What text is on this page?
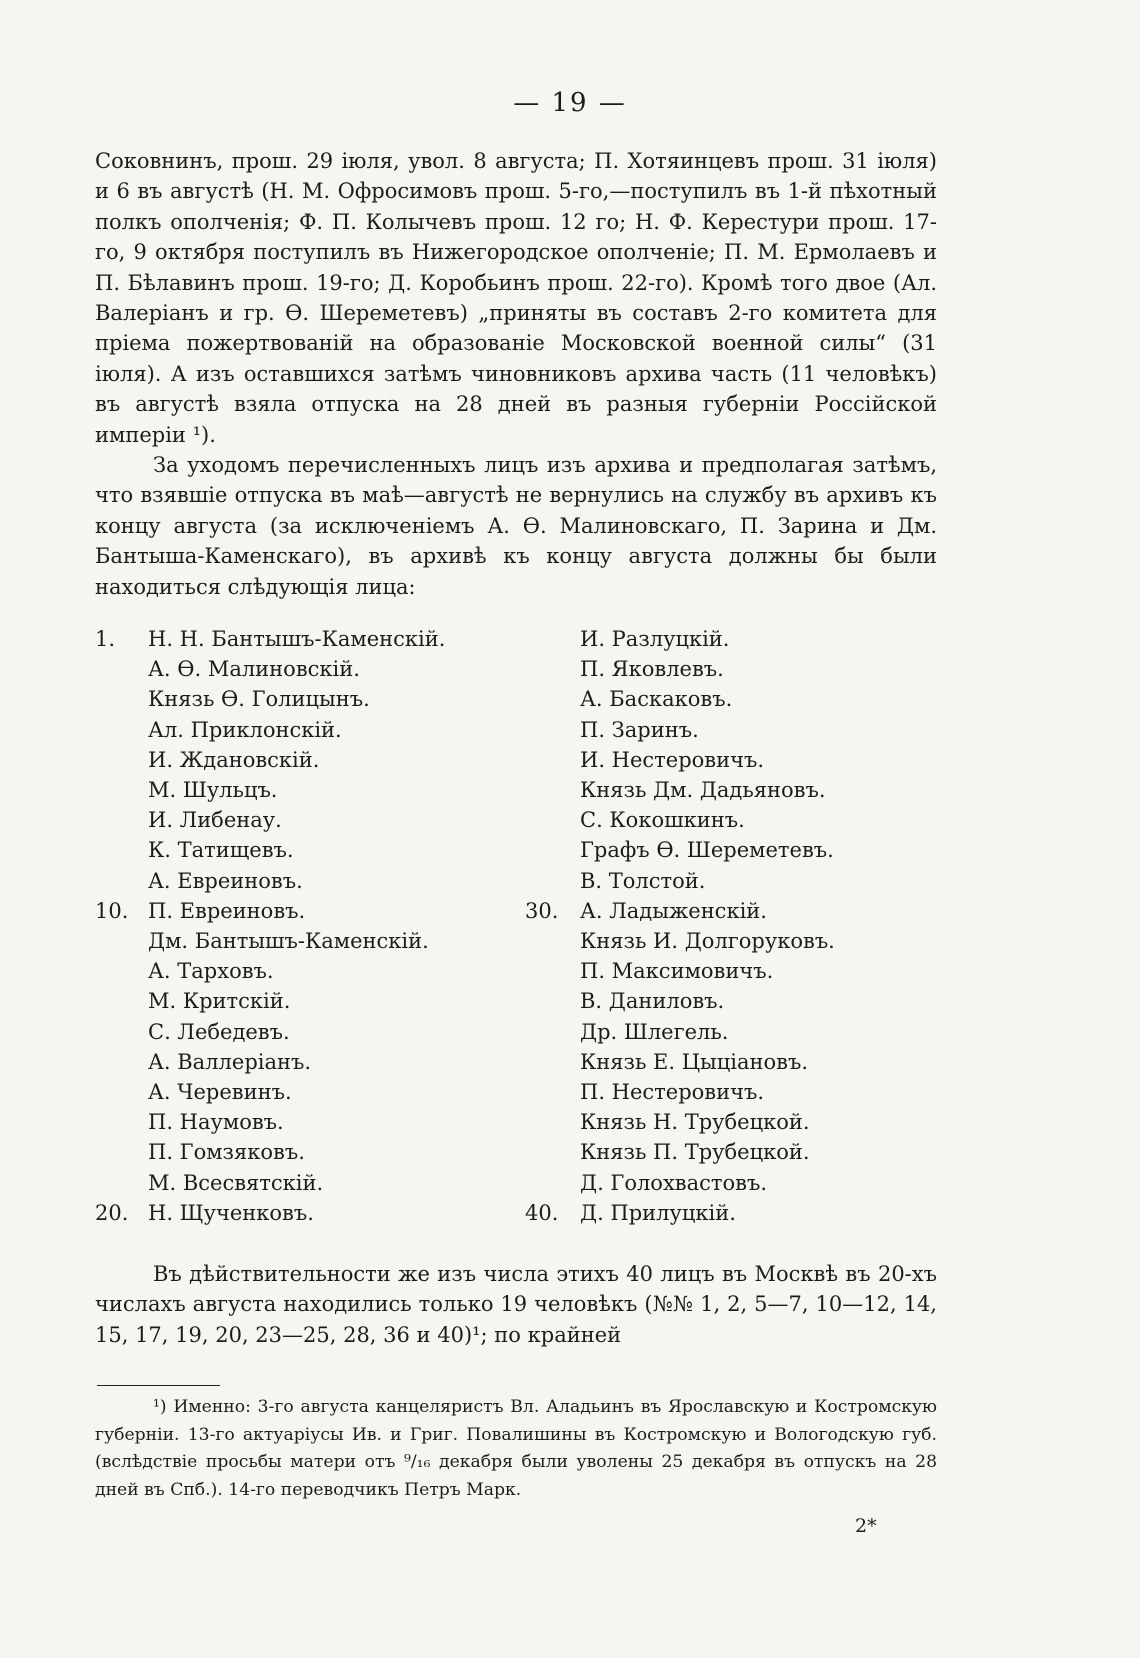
— 19 —

Соковнинъ, прош. 29 іюля, увол. 8 августа; П. Хотяинцевъ прош. 31 іюля) и 6 въ августѣ (Н. М. Офросимовъ прош. 5-го,—поступилъ въ 1-й пѣхотный полкъ ополченія; Ф. П. Колычевъ прош. 12 го; Н. Ф. Керестури прош. 17-го, 9 октября поступилъ въ Нижегородское ополченіе; П. М. Ермолаевъ и П. Бѣлавинъ прош. 19-го; Д. Коробьинъ прош. 22-го). Кромѣ того двое (Ал. Валеріанъ и гр. Ѳ. Шереметевъ) „приняты въ составъ 2-го комитета для пріема пожертвованій на образованіе Московской военной силы“ (31 іюля). А изъ оставшихся затѣмъ чиновниковъ архива часть (11 человѣкъ) въ августѣ взяла отпуска на 28 дней въ разныя губерніи Россійской имперіи ¹).

За уходомъ перечисленныхъ лицъ изъ архива и предполагая затѣмъ, что взявшіе отпуска въ маѣ—августѣ не вернулись на службу въ архивъ къ концу августа (за исключеніемъ А. Ѳ. Малиновскаго, П. Зарина и Дм. Бантыша-Каменскаго), въ архивѣ къ концу августа должны бы были находиться слѣдующія лица:

1.	Н. Н. Бантышъ-Каменскій.
А. Ѳ. Малиновскій.
Князь Ѳ. Голицынъ.
Ал. Приклонскій.
И. Ждановскій.
М. Шульцъ.
И. Либенау.
К. Татищевъ.
А. Евреиновъ.
10. П. Евреиновъ.
Дм. Бантышъ-Каменскій.
А. Тарховъ.
М. Критскій.
С. Лебедевъ.
А. Валлеріанъ.
А. Черевинъ.
П. Наумовъ.
П. Гомзяковъ.
М. Всесвятскій.
20. Н. Щученковъ.
И. Разлуцкій.
П. Яковлевъ.
А. Баскаковъ.
П. Заринъ.
И. Нестеровичъ.
Князь Дм. Дадьяновъ.
С. Кокошкинъ.
Графъ Ѳ. Шереметевъ.
В. Толстой.
30.	А. Ладыженскій.
Князь И. Долгоруковъ.
П. Максимовичъ.
В. Даниловъ.
Др. Шлегель.
Князь Е. Цыціановъ.
П. Нестеровичъ.
Князь Н. Трубецкой.
Князь П. Трубецкой.
Д. Голохвастовъ.
40.	Д. Прилуцкій.

Въ дѣйствительности же изъ числа этихъ 40 лицъ въ Москвѣ въ 20-хъ числахъ августа находились только 19 человѣкъ (№№ 1, 2, 5—7, 10—12, 14, 15, 17, 19, 20, 23—25, 28, 36 и 40)¹; по крайней

¹) Именно: 3-го августа канцеляристъ Вл. Аладьинъ въ Ярославскую и Костромскую губерніи. 13-го актуаріусы Ив. и Григ. Повалишины въ Костромскую и Вологодскую губ. (вслѣдствіе просьбы матери отъ ⁹/₁₆ декабря были уволены 25 декабря въ отпускъ на 28 дней въ Спб.). 14-го переводчикъ Петръ Марк.

2*
